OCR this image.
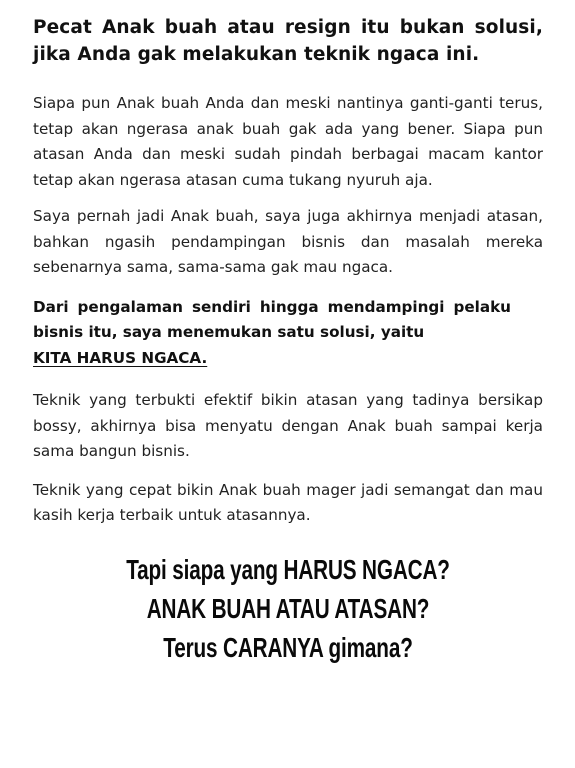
Pecat Anak buah atau resign itu bukan solusi, jika Anda gak melakukan teknik ngaca ini.

Siapa pun Anak buah Anda dan meski nantinya ganti-ganti terus, tetap akan ngerasa anak buah gak ada yang bener. Siapa pun atasan Anda dan meski sudah pindah berbagai macam kantor tetap akan ngerasa atasan cuma tukang nyuruh aja.

Saya pernah jadi Anak buah, saya juga akhirnya menjadi atasan, bahkan ngasih pendampingan bisnis dan masalah mereka sebenarnya sama, sama-sama gak mau ngaca.

Dari pengalaman sendiri hingga mendampingi pelaku bisnis itu, saya menemukan satu solusi, yaitu
KITA HARUS NGACA.

Teknik yang terbukti efektif bikin atasan yang tadinya bersikap bossy, akhirnya bisa menyatu dengan Anak buah sampai kerja sama bangun bisnis.

Teknik yang cepat bikin Anak buah mager jadi semangat dan mau kasih kerja terbaik untuk atasannya.

Tapi siapa yang HARUS NGACA?
ANAK BUAH ATAU ATASAN?
Terus CARANYA gimana?
